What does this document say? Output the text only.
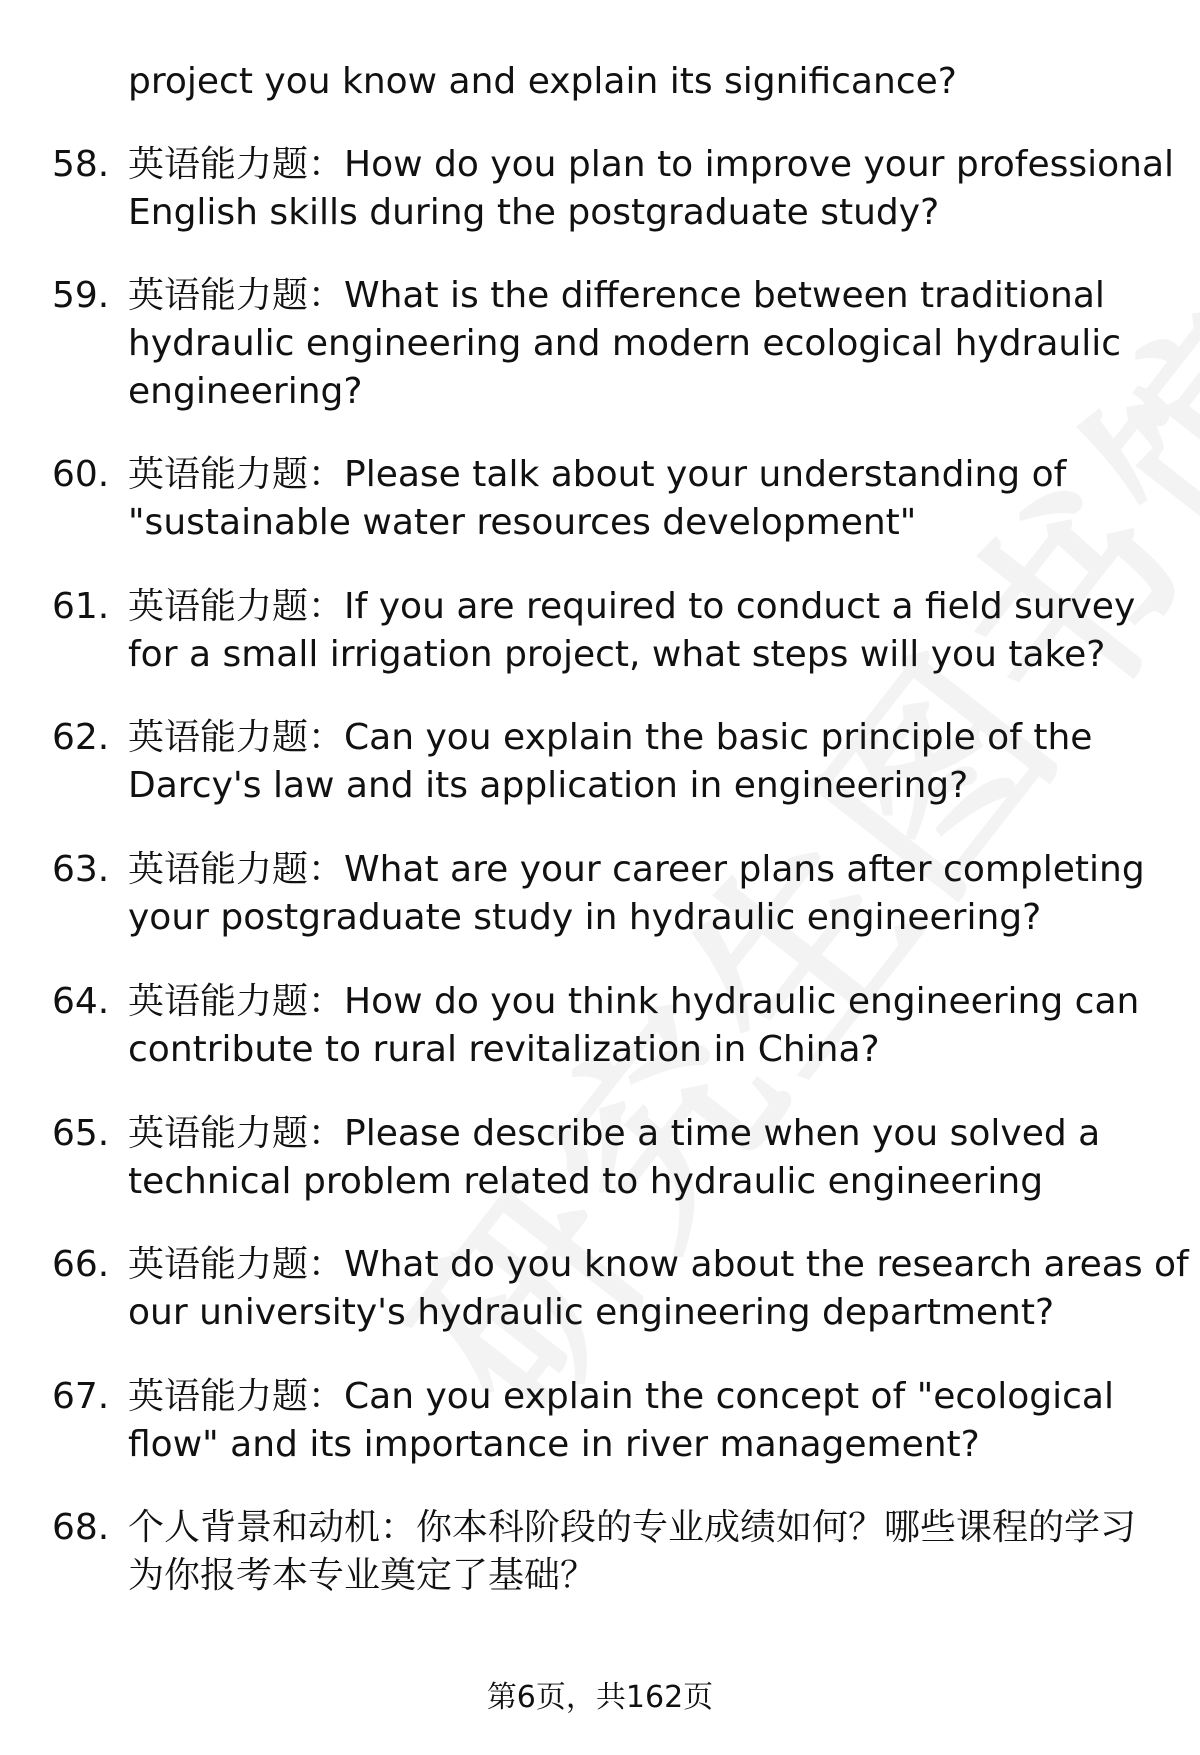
project you know and explain its significance?
58. 英语能力题：How do you plan to improve your professional
English skills during the postgraduate study?
59. 英语能力题：What is the difference between traditional
hydraulic engineering and modern ecological hydraulic
engineering?
60. 英语能力题：Please talk about your understanding of
"sustainable water resources development"
61. 英语能力题：If you are required to conduct a field survey
for a small irrigation project, what steps will you take?
62. 英语能力题：Can you explain the basic principle of the
Darcy's law and its application in engineering?
63. 英语能力题：What are your career plans after completing
your postgraduate study in hydraulic engineering?
64. 英语能力题：How do you think hydraulic engineering can
contribute to rural revitalization in China?
65. 英语能力题：Please describe a time when you solved a
technical problem related to hydraulic engineering
66. 英语能力题：What do you know about the research areas of
our university's hydraulic engineering department?
67. 英语能力题：Can you explain the concept of "ecological
flow" and its importance in river management?
68. 个人背景和动机：你本科阶段的专业成绩如何？哪些课程的学习
为你报考本专业奠定了基础？
第6页，共162页
